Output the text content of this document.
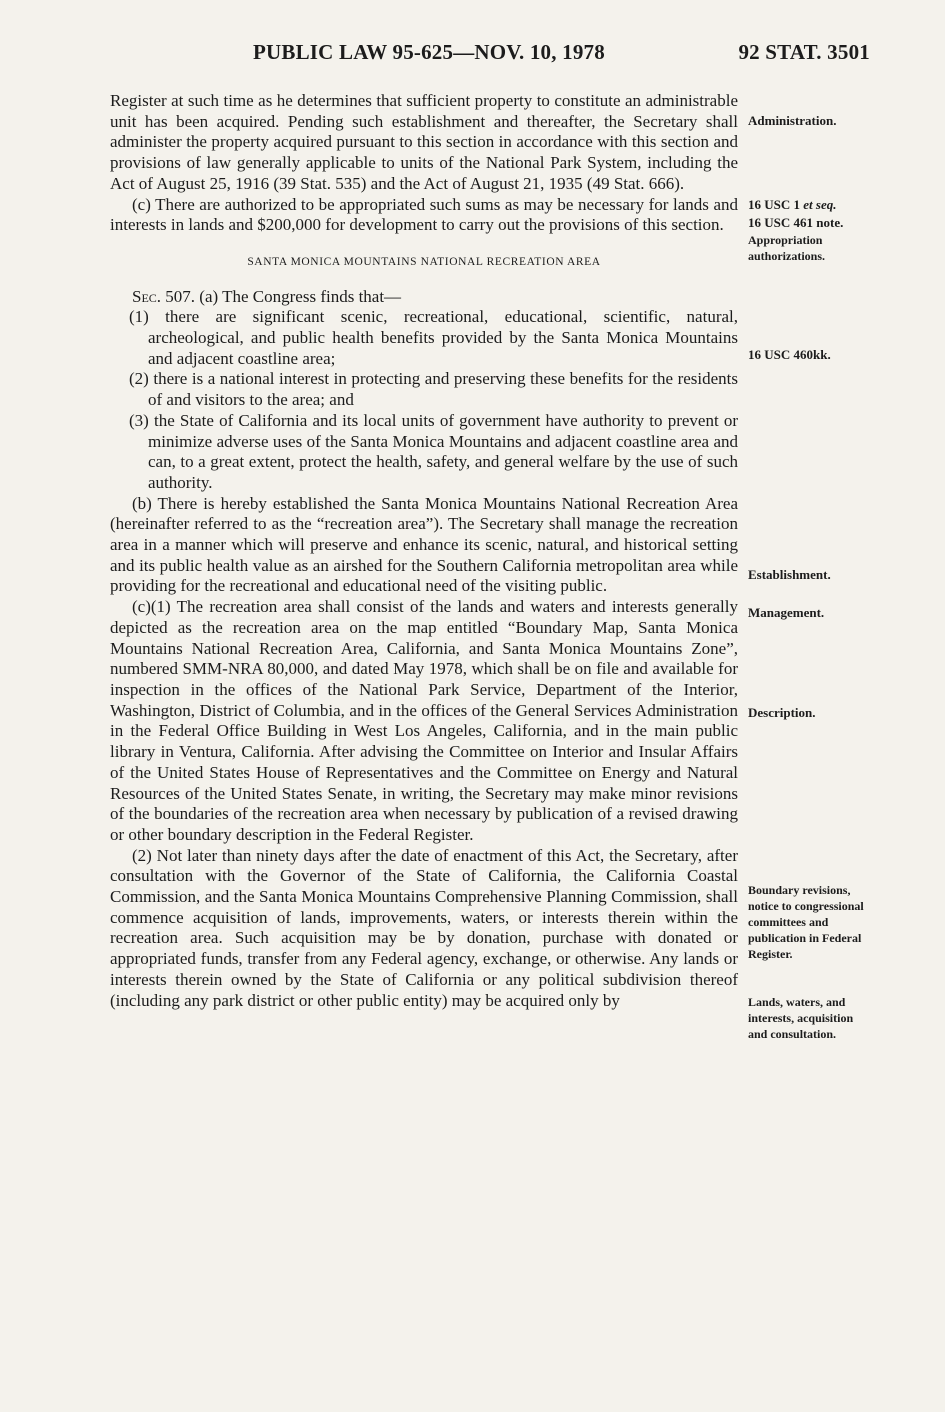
PUBLIC LAW 95-625—NOV. 10, 1978	92 STAT. 3501

Register at such time as he determines that sufficient property to constitute an administrable unit has been acquired. Pending such establishment and thereafter, the Secretary shall administer the property acquired pursuant to this section in accordance with this section and provisions of law generally applicable to units of the National Park System, including the Act of August 25, 1916 (39 Stat. 535) and the Act of August 21, 1935 (49 Stat. 666).

(c) There are authorized to be appropriated such sums as may be necessary for lands and interests in lands and $200,000 for development to carry out the provisions of this section.

SANTA MONICA MOUNTAINS NATIONAL RECREATION AREA

Sec. 507. (a) The Congress finds that—

(1) there are significant scenic, recreational, educational, scientific, natural, archeological, and public health benefits provided by the Santa Monica Mountains and adjacent coastline area;

(2) there is a national interest in protecting and preserving these benefits for the residents of and visitors to the area; and

(3) the State of California and its local units of government have authority to prevent or minimize adverse uses of the Santa Monica Mountains and adjacent coastline area and can, to a great extent, protect the health, safety, and general welfare by the use of such authority.

(b) There is hereby established the Santa Monica Mountains National Recreation Area (hereinafter referred to as the “recreation area”). The Secretary shall manage the recreation area in a manner which will preserve and enhance its scenic, natural, and historical setting and its public health value as an airshed for the Southern California metropolitan area while providing for the recreational and educational need of the visiting public.

(c)(1) The recreation area shall consist of the lands and waters and interests generally depicted as the recreation area on the map entitled “Boundary Map, Santa Monica Mountains National Recreation Area, California, and Santa Monica Mountains Zone”, numbered SMM-NRA 80,000, and dated May 1978, which shall be on file and available for inspection in the offices of the National Park Service, Department of the Interior, Washington, District of Columbia, and in the offices of the General Services Administration in the Federal Office Building in West Los Angeles, California, and in the main public library in Ventura, California. After advising the Committee on Interior and Insular Affairs of the United States House of Representatives and the Committee on Energy and Natural Resources of the United States Senate, in writing, the Secretary may make minor revisions of the boundaries of the recreation area when necessary by publication of a revised drawing or other boundary description in the Federal Register.

(2) Not later than ninety days after the date of enactment of this Act, the Secretary, after consultation with the Governor of the State of California, the California Coastal Commission, and the Santa Monica Mountains Comprehensive Planning Commission, shall commence acquisition of lands, improvements, waters, or interests therein within the recreation area. Such acquisition may be by donation, purchase with donated or appropriated funds, transfer from any Federal agency, exchange, or otherwise. Any lands or interests therein owned by the State of California or any political subdivision thereof (including any park district or other public entity) may be acquired only by

Administration.
16 USC 1 et seq.
16 USC 461 note.
Appropriation authorizations.
16 USC 460kk.
Establishment.
Management.
Description.
Boundary revisions, notice to congressional committees and publication in Federal Register.
Lands, waters, and interests, acquisition and consultation.
